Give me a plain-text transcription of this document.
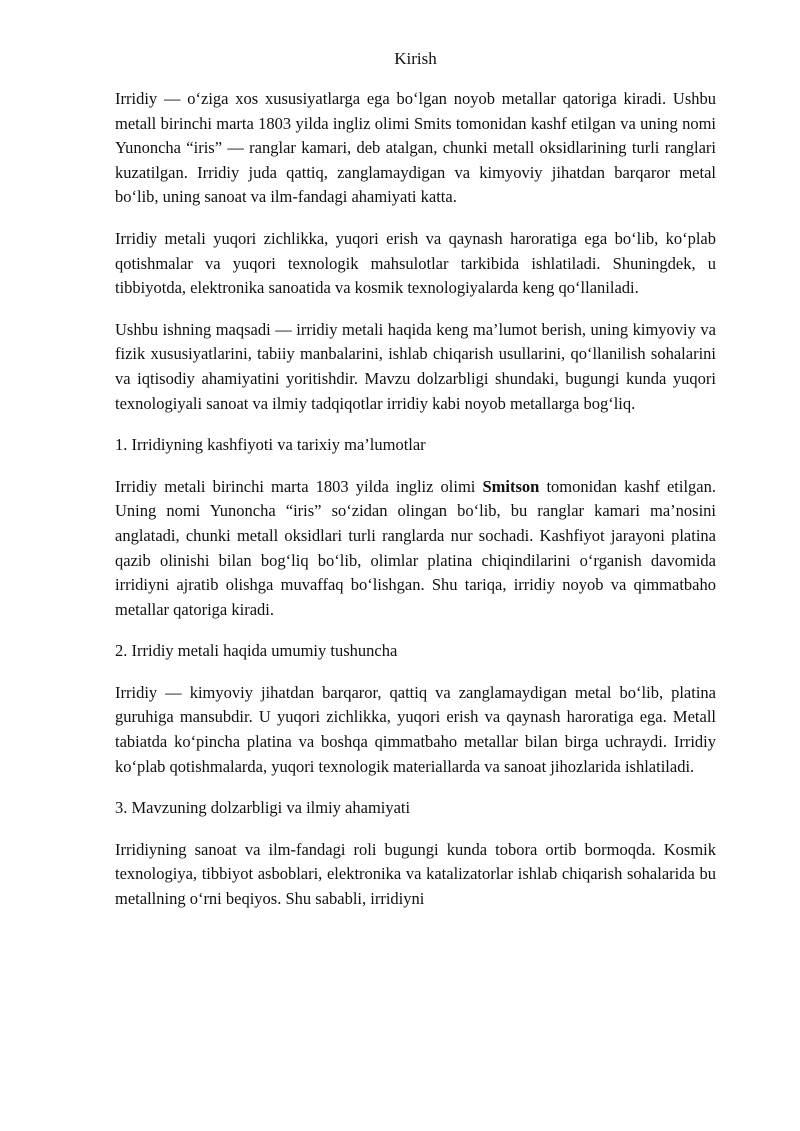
Kirish

Irridiy — o‘ziga xos xususiyatlarga ega bo‘lgan noyob metallar qatoriga kiradi. Ushbu metall birinchi marta 1803 yilda ingliz olimi Smits tomonidan kashf etilgan va uning nomi Yunoncha “iris” — ranglar kamari, deb atalgan, chunki metall oksidlarining turli ranglari kuzatilgan. Irridiy juda qattiq, zanglamaydigan va kimyoviy jihatdan barqaror metal bo‘lib, uning sanoat va ilm-fandagi ahamiyati katta.

Irridiy metali yuqori zichlikka, yuqori erish va qaynash haroratiga ega bo‘lib, ko‘plab qotishmalar va yuqori texnologik mahsulotlar tarkibida ishlatiladi. Shuningdek, u tibbiyotda, elektronika sanoatida va kosmik texnologiyalarda keng qo‘llaniladi.

Ushbu ishning maqsadi — irridiy metali haqida keng ma’lumot berish, uning kimyoviy va fizik xususiyatlarini, tabiiy manbalarini, ishlab chiqarish usullarini, qo‘llanilish sohalarini va iqtisodiy ahamiyatini yoritishdir. Mavzu dolzarbligi shundaki, bugungi kunda yuqori texnologiyali sanoat va ilmiy tadqiqotlar irridiy kabi noyob metallarga bog‘liq.

1. Irridiyning kashfiyoti va tarixiy ma’lumotlar

Irridiy metali birinchi marta 1803 yilda ingliz olimi Smitson tomonidan kashf etilgan. Uning nomi Yunoncha “iris” so‘zidan olingan bo‘lib, bu ranglar kamari ma’nosini anglatadi, chunki metall oksidlari turli ranglarda nur sochadi. Kashfiyot jarayoni platina qazib olinishi bilan bog‘liq bo‘lib, olimlar platina chiqindilarini o‘rganish davomida irridiyni ajratib olishga muvaffaq bo‘lishgan. Shu tariqa, irridiy noyob va qimmatbaho metallar qatoriga kiradi.

2. Irridiy metali haqida umumiy tushuncha

Irridiy — kimyoviy jihatdan barqaror, qattiq va zanglamaydigan metal bo‘lib, platina guruhiga mansubdir. U yuqori zichlikka, yuqori erish va qaynash haroratiga ega. Metall tabiatda ko‘pincha platina va boshqa qimmatbaho metallar bilan birga uchraydi. Irridiy ko‘plab qotishmalarda, yuqori texnologik materiallarda va sanoat jihozlarida ishlatiladi.

3. Mavzuning dolzarbligi va ilmiy ahamiyati

Irridiyning sanoat va ilm-fandagi roli bugungi kunda tobora ortib bormoqda. Kosmik texnologiya, tibbiyot asboblari, elektronika va katalizatorlar ishlab chiqarish sohalarida bu metallning o‘rni beqiyos. Shu sababli, irridiyni
